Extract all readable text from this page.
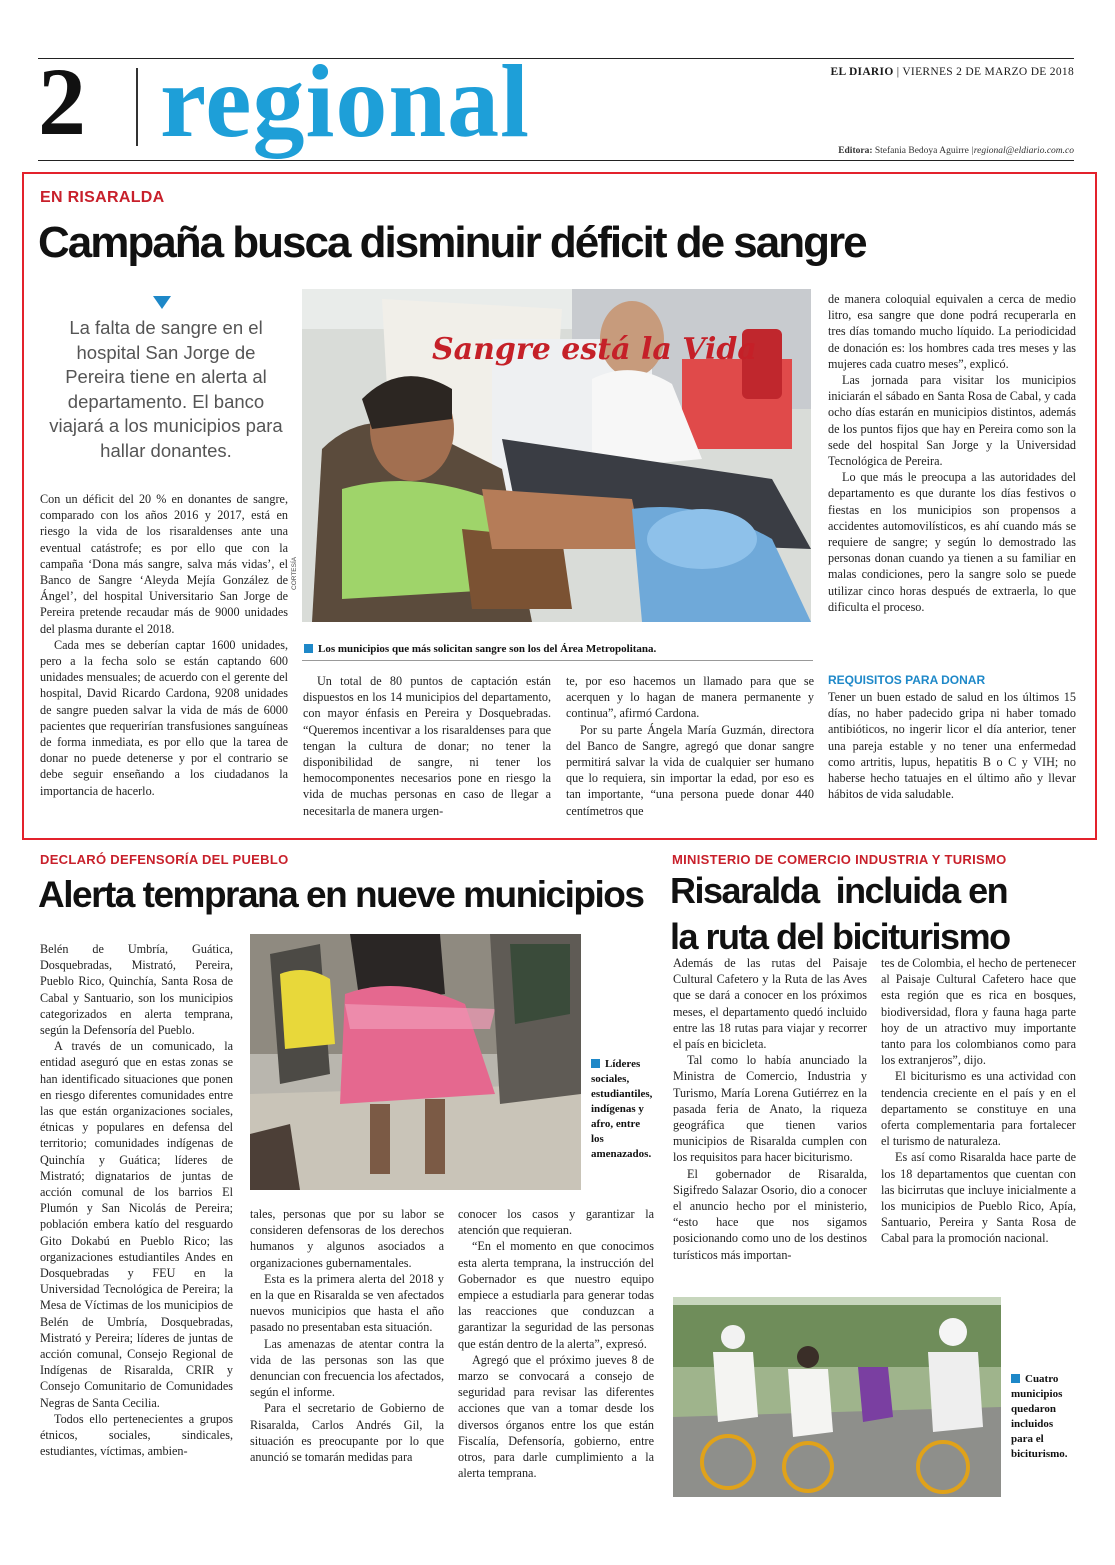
2 regional	EL DIARIO | VIERNES 2 DE MARZO DE 2018
Editora: Stefania Bedoya Aguirre |regional@eldiario.com.co
EN RISARALDA
Campaña busca disminuir déficit de sangre
La falta de sangre en el hospital San Jorge de Pereira tiene en alerta al departamento. El banco viajará a los municipios para hallar donantes.

Con un déficit del 20 % en donantes de sangre, comparado con los años 2016 y 2017, está en riesgo la vida de los risaraldenses ante una eventual catástrofe; es por ello que con la campaña ‘Dona más sangre, salva más vidas’, el Banco de Sangre ‘Aleyda Mejía González de Ángel’, del hospital Universitario San Jorge de Pereira pretende recaudar más de 9000 unidades del plasma durante el 2018.

Cada mes se deberían captar 1600 unidades, pero a la fecha solo se están captando 600 unidades mensuales; de acuerdo con el gerente del hospital, David Ricardo Cardona, 9208 unidades de sangre pueden salvar la vida de más de 6000 pacientes que requerirían transfusiones sanguíneas de forma inmediata, es por ello que la tarea de donar no puede detenerse y por el contrario se debe seguir enseñando a los ciudadanos la importancia de hacerlo.

Sangre está la Vida
CORTESÍA
Los municipios que más solicitan sangre son los del Área Metropolitana.

Un total de 80 puntos de captación están dispuestos en los 14 municipios del departamento, con mayor énfasis en Pereira y Dosquebradas. “Queremos incentivar a los risaraldenses para que tengan la cultura de donar; no tener la disponibilidad de sangre, ni tener los hemocomponentes necesarios pone en riesgo la vida de muchas personas en caso de llegar a necesitarla de manera urgen-

te, por eso hacemos un llamado para que se acerquen y lo hagan de manera permanente y continua”, afirmó Cardona.

Por su parte Ángela María Guzmán, directora del Banco de Sangre, agregó que donar sangre permitirá salvar la vida de cualquier ser humano que lo requiera, sin importar la edad, por eso es tan importante, “una persona puede donar 440 centímetros que

de manera coloquial equivalen a cerca de medio litro, esa sangre que done podrá recuperarla en tres días tomando mucho líquido. La periodicidad de donación es: los hombres cada tres meses y las mujeres cada cuatro meses”, explicó.

Las jornada para visitar los municipios iniciarán el sábado en Santa Rosa de Cabal, y cada ocho días estarán en municipios distintos, además de los puntos fijos que hay en Pereira como son la sede del hospital San Jorge y la Universidad Tecnológica de Pereira.

Lo que más le preocupa a las autoridades del departamento es que durante los días festivos o fiestas en los municipios son propensos a accidentes automovilísticos, es ahí cuando más se requiere de sangre; y según lo demostrado las personas donan cuando ya tienen a su familiar en malas condiciones, pero la sangre solo se puede utilizar cinco horas después de extraerla, lo que dificulta el proceso.

REQUISITOS PARA DONAR

Tener un buen estado de salud en los últimos 15 días, no haber padecido gripa ni haber tomado antibióticos, no ingerir licor el día anterior, tener una pareja estable y no tener una enfermedad como artritis, lupus, hepatitis B o C y VIH; no haberse hecho tatuajes en el último año y llevar hábitos de vida saludable.

DECLARÓ DEFENSORÍA DEL PUEBLO
Alerta temprana en nueve municipios

Belén de Umbría, Guática, Dosquebradas, Mistrató, Pereira, Pueblo Rico, Quinchía, Santa Rosa de Cabal y Santuario, son los municipios categorizados en alerta temprana, según la Defensoría del Pueblo.

A través de un comunicado, la entidad aseguró que en estas zonas se han identificado situaciones que ponen en riesgo diferentes comunidades entre las que están organizaciones sociales, étnicas y populares en defensa del territorio; comunidades indígenas de Quinchía y Guática; líderes de Mistrató; dignatarios de juntas de acción comunal de los barrios El Plumón y San Nicolás de Pereira; población embera katío del resguardo Gito Dokabú en Pueblo Rico; las organizaciones estudiantiles Andes en Dosquebradas y FEU en la Universidad Tecnológica de Pereira; la Mesa de Víctimas de los municipios de Belén de Umbría, Dosquebradas, Mistrató y Pereira; líderes de juntas de acción comunal, Consejo Regional de Indígenas de Risaralda, CRIR y Consejo Comunitario de Comunidades Negras de Santa Cecilia.

Todos ello pertenecientes a grupos étnicos, sociales, sindicales, estudiantes, víctimas, ambien-

Líderes sociales, estudiantiles, indígenas y afro, entre los amenazados.

tales, personas que por su labor se consideren defensoras de los derechos humanos y algunos asociados a organizaciones gubernamentales.

Esta es la primera alerta del 2018 y en la que en Risaralda se ven afectados nuevos municipios que hasta el año pasado no presentaban esta situación.

Las amenazas de atentar contra la vida de las personas son las que denuncian con frecuencia los afectados, según el informe.

Para el secretario de Gobierno de Risaralda, Carlos Andrés Gil, la situación es preocupante por lo que anunció se tomarán medidas para

conocer los casos y garantizar la atención que requieran.

“En el momento en que conocimos esta alerta temprana, la instrucción del Gobernador es que nuestro equipo empiece a estudiarla para generar todas las reacciones que conduzcan a garantizar la seguridad de las personas que están dentro de la alerta”, expresó.

Agregó que el próximo jueves 8 de marzo se convocará a consejo de seguridad para revisar las diferentes acciones que van a tomar desde los diversos órganos entre los que están Fiscalía, Defensoría, gobierno, entre otros, para darle cumplimiento a la alerta temprana.

MINISTERIO DE COMERCIO INDUSTRIA Y TURISMO
Risaralda  incluida en
la ruta del biciturismo

Además de las rutas del Paisaje Cultural Cafetero y la Ruta de las Aves que se dará a conocer en los próximos meses, el departamento quedó incluido entre las 18 rutas para viajar y recorrer el país en bicicleta.

Tal como lo había anunciado la Ministra de Comercio, Industria y Turismo, María Lorena Gutiérrez en la pasada feria de Anato, la riqueza geográfica que tienen varios municipios de Risaralda cumplen con los requisitos para hacer biciturismo.

El gobernador de Risaralda, Sigifredo Salazar Osorio, dio a conocer el anuncio hecho por el ministerio, “esto hace que nos sigamos posicionando como uno de los destinos turísticos más importan-

tes de Colombia, el hecho de pertenecer al Paisaje Cultural Cafetero hace que esta región que es rica en bosques, biodiversidad, flora y fauna haga parte hoy de un atractivo muy importante tanto para los colombianos como para los extranjeros”, dijo.

El biciturismo es una actividad con tendencia creciente en el país y en el departamento se constituye en una oferta complementaria para fortalecer el turismo de naturaleza.

Es así como Risaralda hace parte de los 18 departamentos que cuentan con las bicirrutas que incluye inicialmente a los municipios de Pueblo Rico, Apía, Santuario, Pereira y Santa Rosa de Cabal para la promoción nacional.

Cuatro municipios quedaron incluidos para el biciturismo.
